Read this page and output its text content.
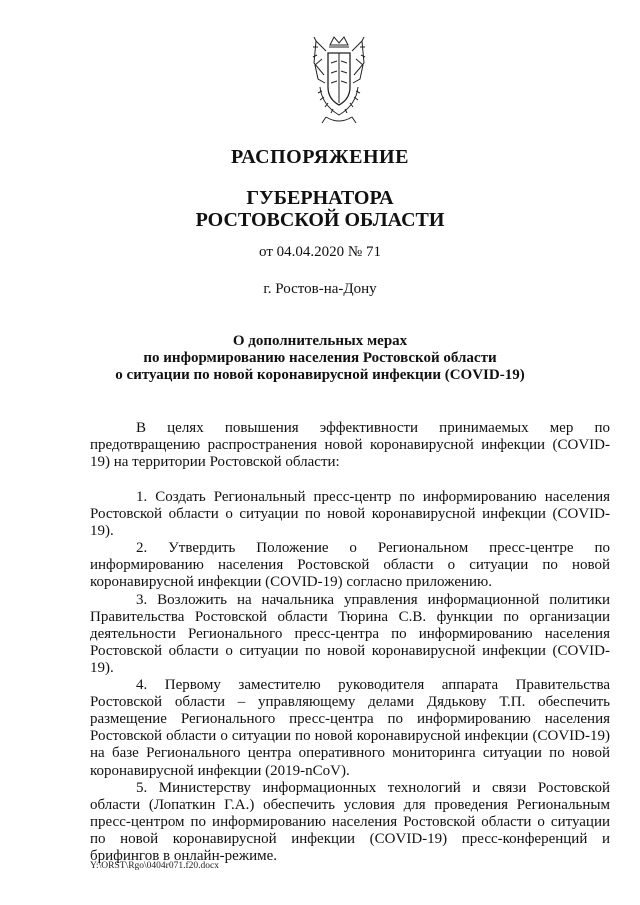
РАСПОРЯЖЕНИЕ
ГУБЕРНАТОРА
РОСТОВСКОЙ ОБЛАСТИ
от 04.04.2020 № 71
г. Ростов-на-Дону
О дополнительных мерах
по информированию населения Ростовской области
о ситуации по новой коронавирусной инфекции (COVID-19)

В целях повышения эффективности принимаемых мер по предотвращению распространения новой коронавирусной инфекции (COVID-19) на территории Ростовской области:

1. Создать Региональный пресс-центр по информированию населения Ростовской области о ситуации по новой коронавирусной инфекции (COVID-19).

2. Утвердить Положение о Региональном пресс-центре по информированию населения Ростовской области о ситуации по новой коронавирусной инфекции (COVID-19) согласно приложению.

3. Возложить на начальника управления информационной политики Правительства Ростовской области Тюрина С.В. функции по организации деятельности Регионального пресс-центра по информированию населения Ростовской области о ситуации по новой коронавирусной инфекции (COVID-19).

4. Первому заместителю руководителя аппарата Правительства Ростовской области – управляющему делами Дядькову Т.П. обеспечить размещение Регионального пресс-центра по информированию населения Ростовской области о ситуации по новой коронавирусной инфекции (COVID-19) на базе Регионального центра оперативного мониторинга ситуации по новой коронавирусной инфекции (2019-nCoV).

5. Министерству информационных технологий и связи Ростовской области (Лопаткин Г.А.) обеспечить условия для проведения Региональным пресс-центром по информированию населения Ростовской области о ситуации по новой коронавирусной инфекции (COVID-19) пресс-конференций и брифингов в онлайн-режиме.

Y:\ORST\Rgo\0404r071.f20.docx
